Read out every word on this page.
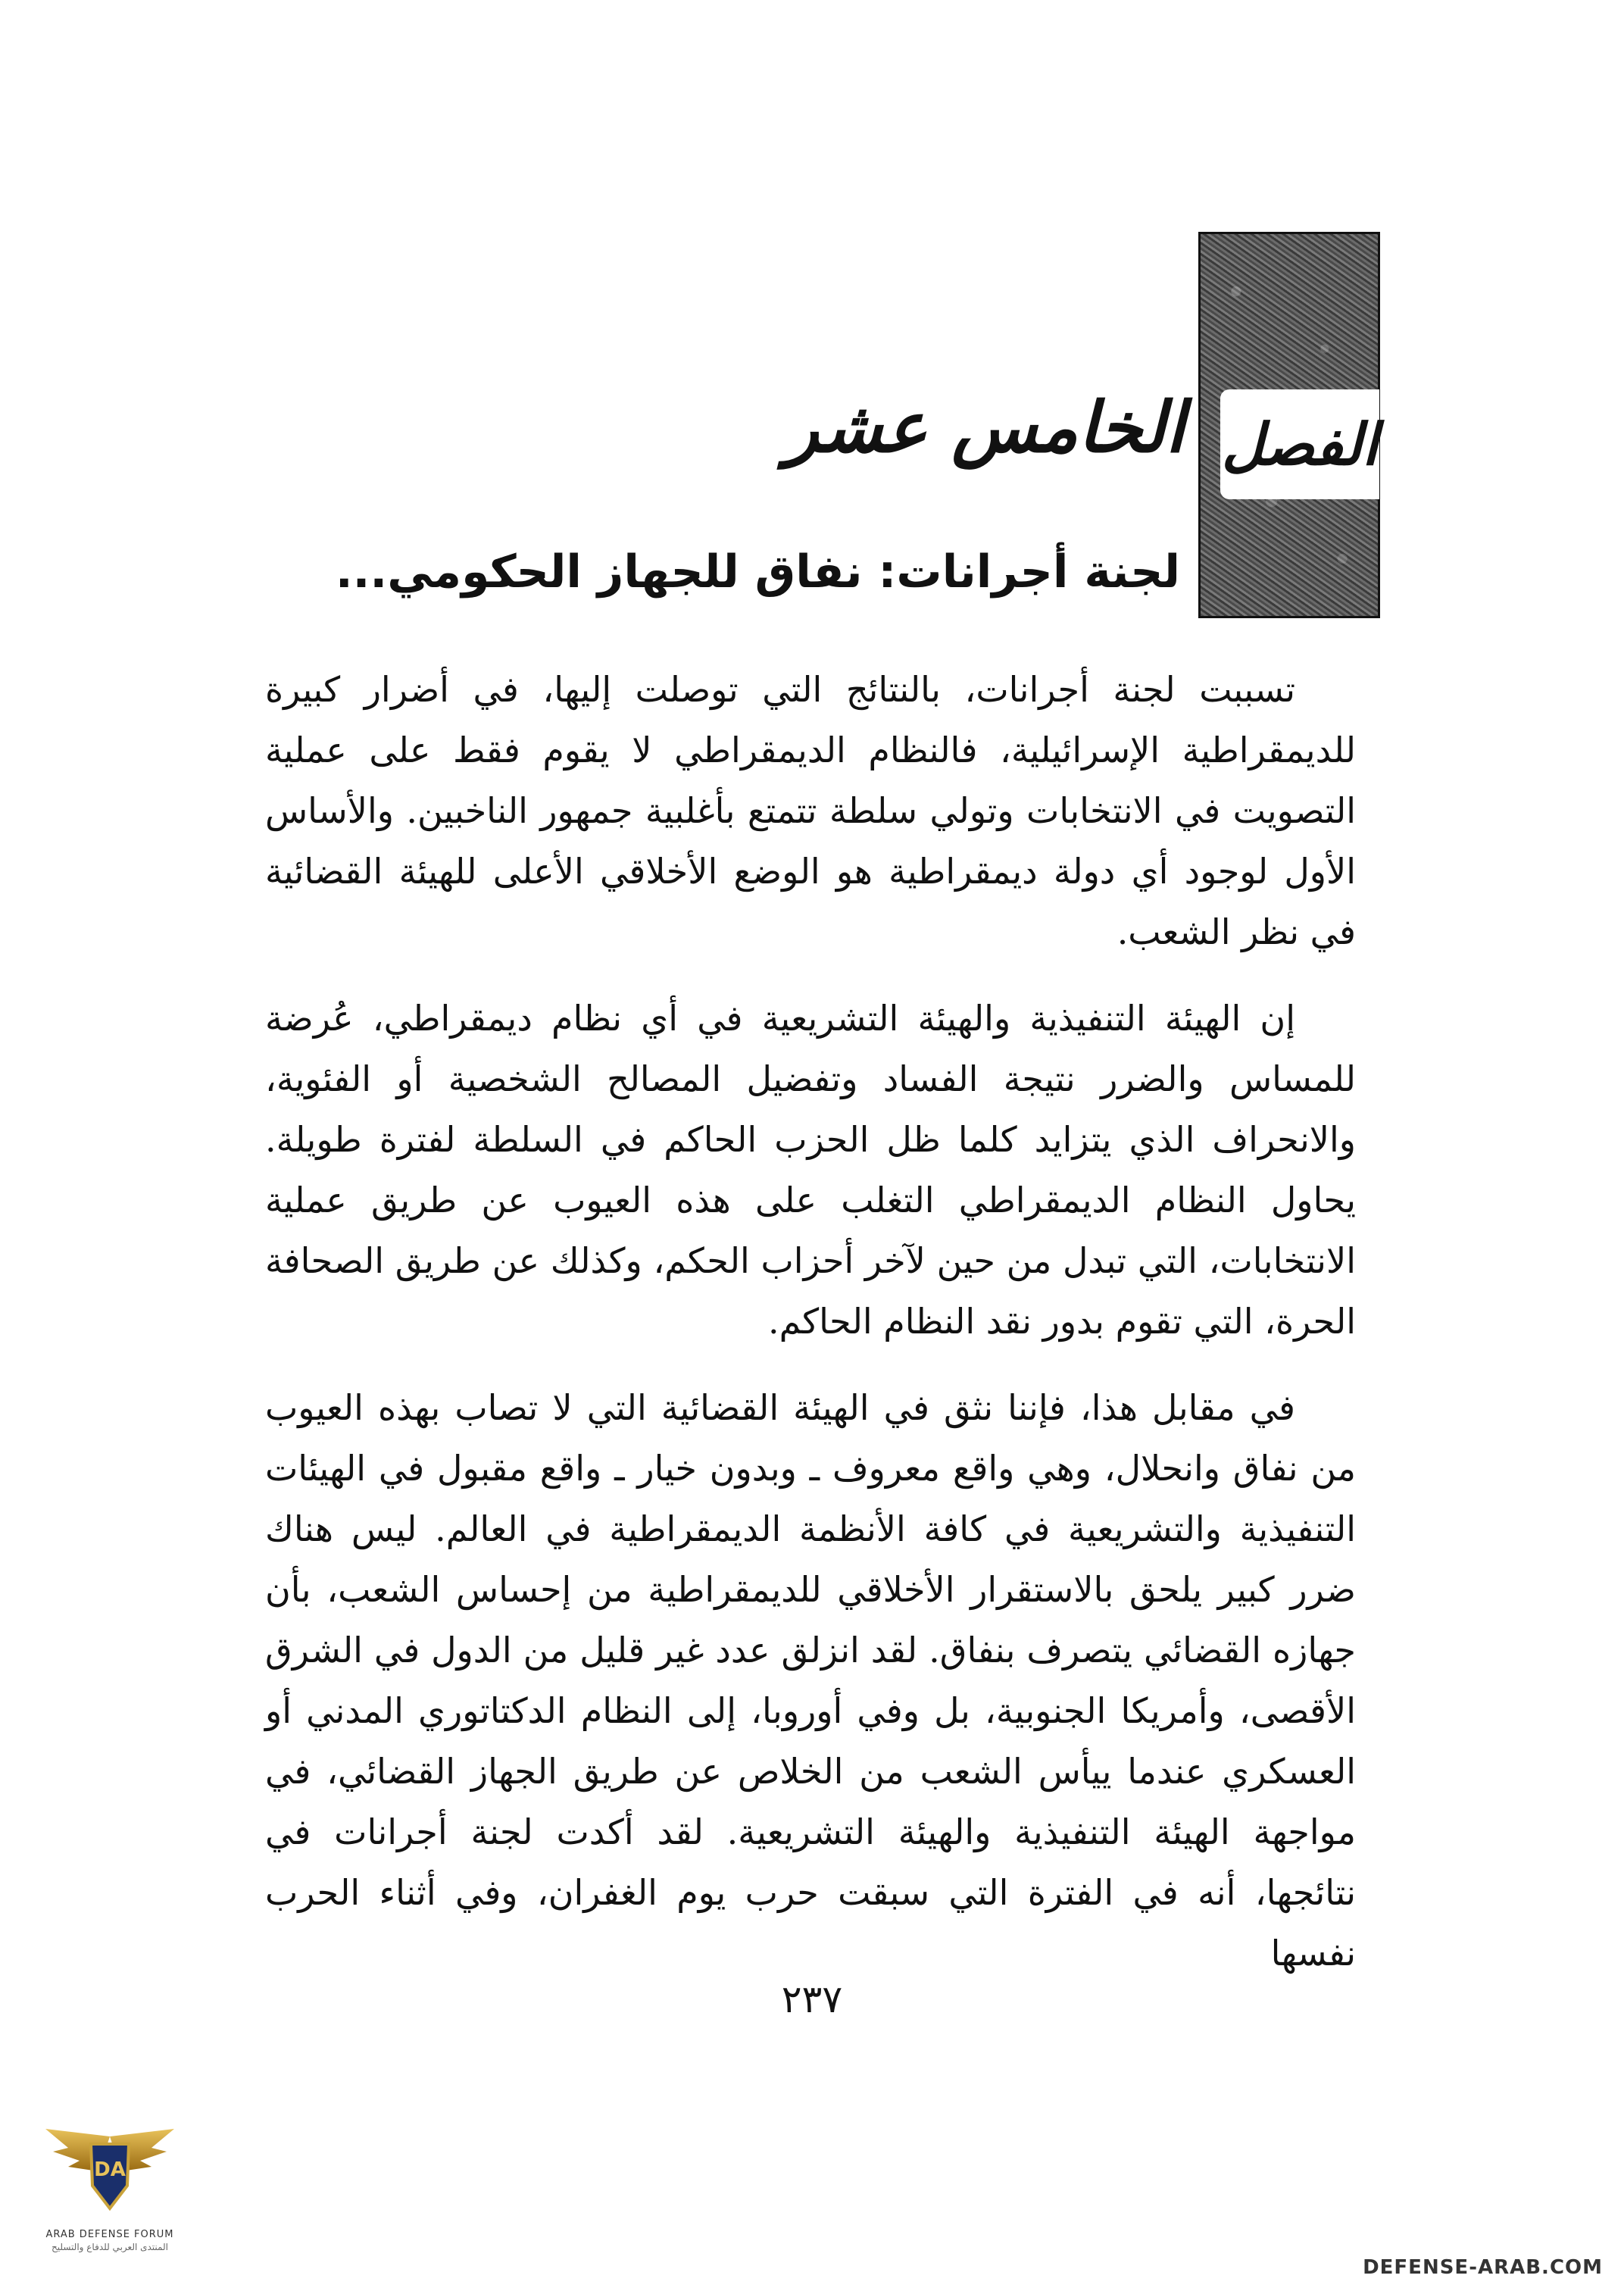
الفصل
الخامس عشر
لجنة أجرانات: نفاق للجهاز الحكومي...

تسببت لجنة أجرانات، بالنتائج التي توصلت إليها، في أضرار كبيرة للديمقراطية الإسرائيلية، فالنظام الديمقراطي لا يقوم فقط على عملية التصويت في الانتخابات وتولي سلطة تتمتع بأغلبية جمهور الناخبين. والأساس الأول لوجود أي دولة ديمقراطية هو الوضع الأخلاقي الأعلى للهيئة القضائية في نظر الشعب.

إن الهيئة التنفيذية والهيئة التشريعية في أي نظام ديمقراطي، عُرضة للمساس والضرر نتيجة الفساد وتفضيل المصالح الشخصية أو الفئوية، والانحراف الذي يتزايد كلما ظل الحزب الحاكم في السلطة لفترة طويلة. يحاول النظام الديمقراطي التغلب على هذه العيوب عن طريق عملية الانتخابات، التي تبدل من حين لآخر أحزاب الحكم، وكذلك عن طريق الصحافة الحرة، التي تقوم بدور نقد النظام الحاكم.

في مقابل هذا، فإننا نثق في الهيئة القضائية التي لا تصاب بهذه العيوب من نفاق وانحلال، وهي واقع معروف ـ وبدون خيار ـ واقع مقبول في الهيئات التنفيذية والتشريعية في كافة الأنظمة الديمقراطية في العالم. ليس هناك ضرر كبير يلحق بالاستقرار الأخلاقي للديمقراطية من إحساس الشعب، بأن جهازه القضائي يتصرف بنفاق. لقد انزلق عدد غير قليل من الدول في الشرق الأقصى، وأمريكا الجنوبية، بل وفي أوروبا، إلى النظام الدكتاتوري المدني أو العسكري عندما ييأس الشعب من الخلاص عن طريق الجهاز القضائي، في مواجهة الهيئة التنفيذية والهيئة التشريعية. لقد أكدت لجنة أجرانات في نتائجها، أنه في الفترة التي سبقت حرب يوم الغفران، وفي أثناء الحرب نفسها

٢٣٧
DA
ARAB DEFENSE FORUM
المنتدى العربي للدفاع والتسليح
DEFENSE-ARAB.COM
